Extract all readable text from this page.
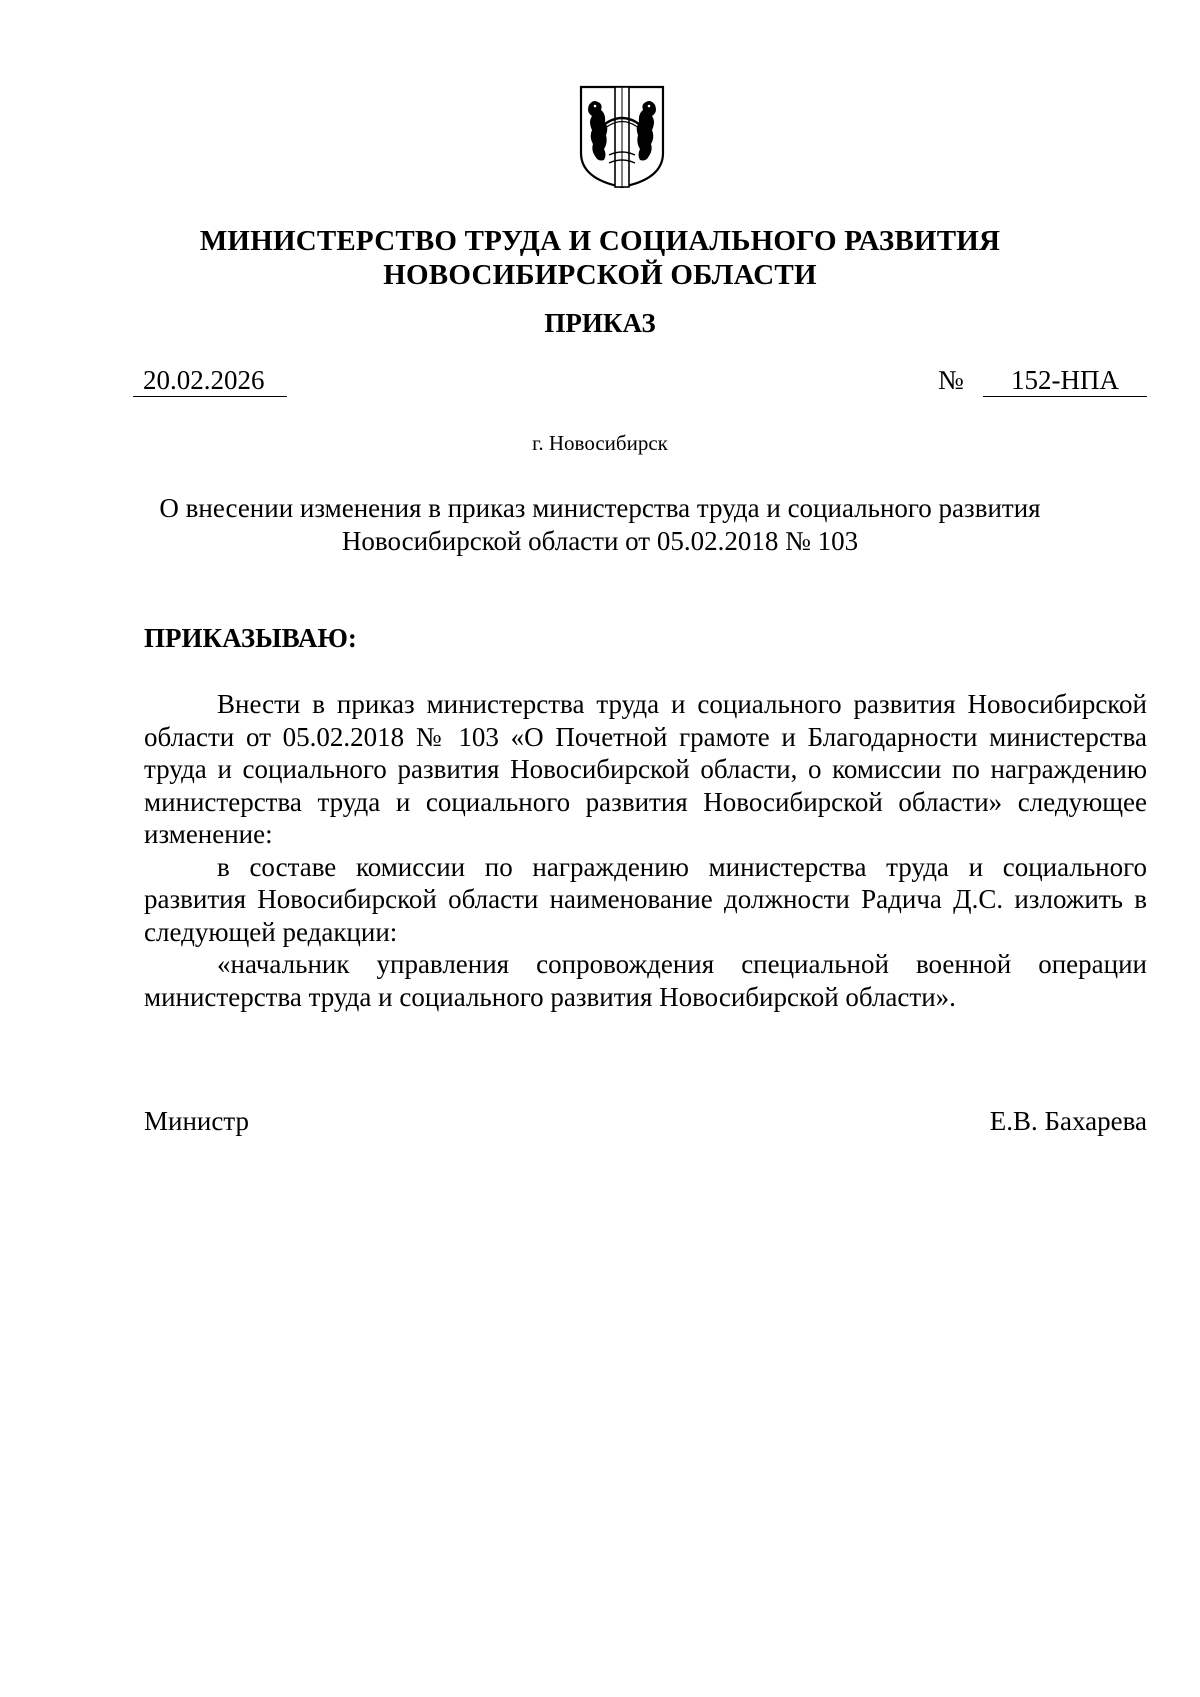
МИНИСТЕРСТВО ТРУДА И СОЦИАЛЬНОГО РАЗВИТИЯ
НОВОСИБИРСКОЙ ОБЛАСТИ
ПРИКАЗ
20.02.2026	№	152-НПА
г. Новосибирск
О внесении изменения в приказ министерства труда и социального развития
Новосибирской области от 05.02.2018 № 103
ПРИКАЗЫВАЮ:

Внести в приказ министерства труда и социального развития Новосибирской области от 05.02.2018 № 103 «О Почетной грамоте и Благодарности министерства труда и социального развития Новосибирской области, о комиссии по награждению министерства труда и социального развития Новосибирской области» следующее изменение:

в составе комиссии по награждению министерства труда и социального развития Новосибирской области наименование должности Радича Д.С. изложить в следующей редакции:

«начальник управления сопровождения специальной военной операции министерства труда и социального развития Новосибирской области».

Министр	Е.В. Бахарева
